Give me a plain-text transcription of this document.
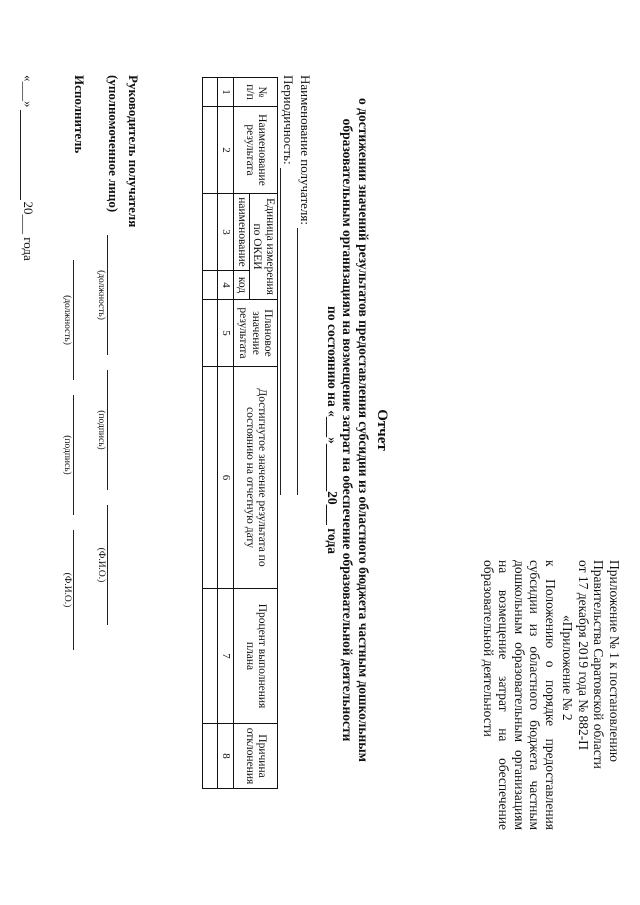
Приложение № 1 к постановлению
Правительства Саратовской области
от 17 декабря 2019 года № 882-П
«Приложение № 2
к Положению о порядке предоставления субсидии из областного бюджета частным дошкольным образовательным организациям на возмещение затрат на обеспечение образовательной деятельности
Отчет
о достижении значений результатов предоставления субсидии из областного бюджета частным дошкольным
образовательным организациям на возмещение затрат на обеспечение образовательной деятельности
по состоянию на «___»_______20___ года
Наименование получателя:
Периодичность:
№ п/п	Наименование результата	Единица измерения по ОКЕИ		Плановое значение результата	Достигнутое значение результата по состоянию на отчетную дату	Процент выполнения плана	Причина отклонения
		наименование	код				
1	2	3	4	5	6	7	8

Руководитель получателя
(уполномоченное лицо)
(должность)
(подпись)
(Ф.И.О.)
Исполнитель
(должность)
(подпись)
(Ф.И.О.)
«___»
20___ года
